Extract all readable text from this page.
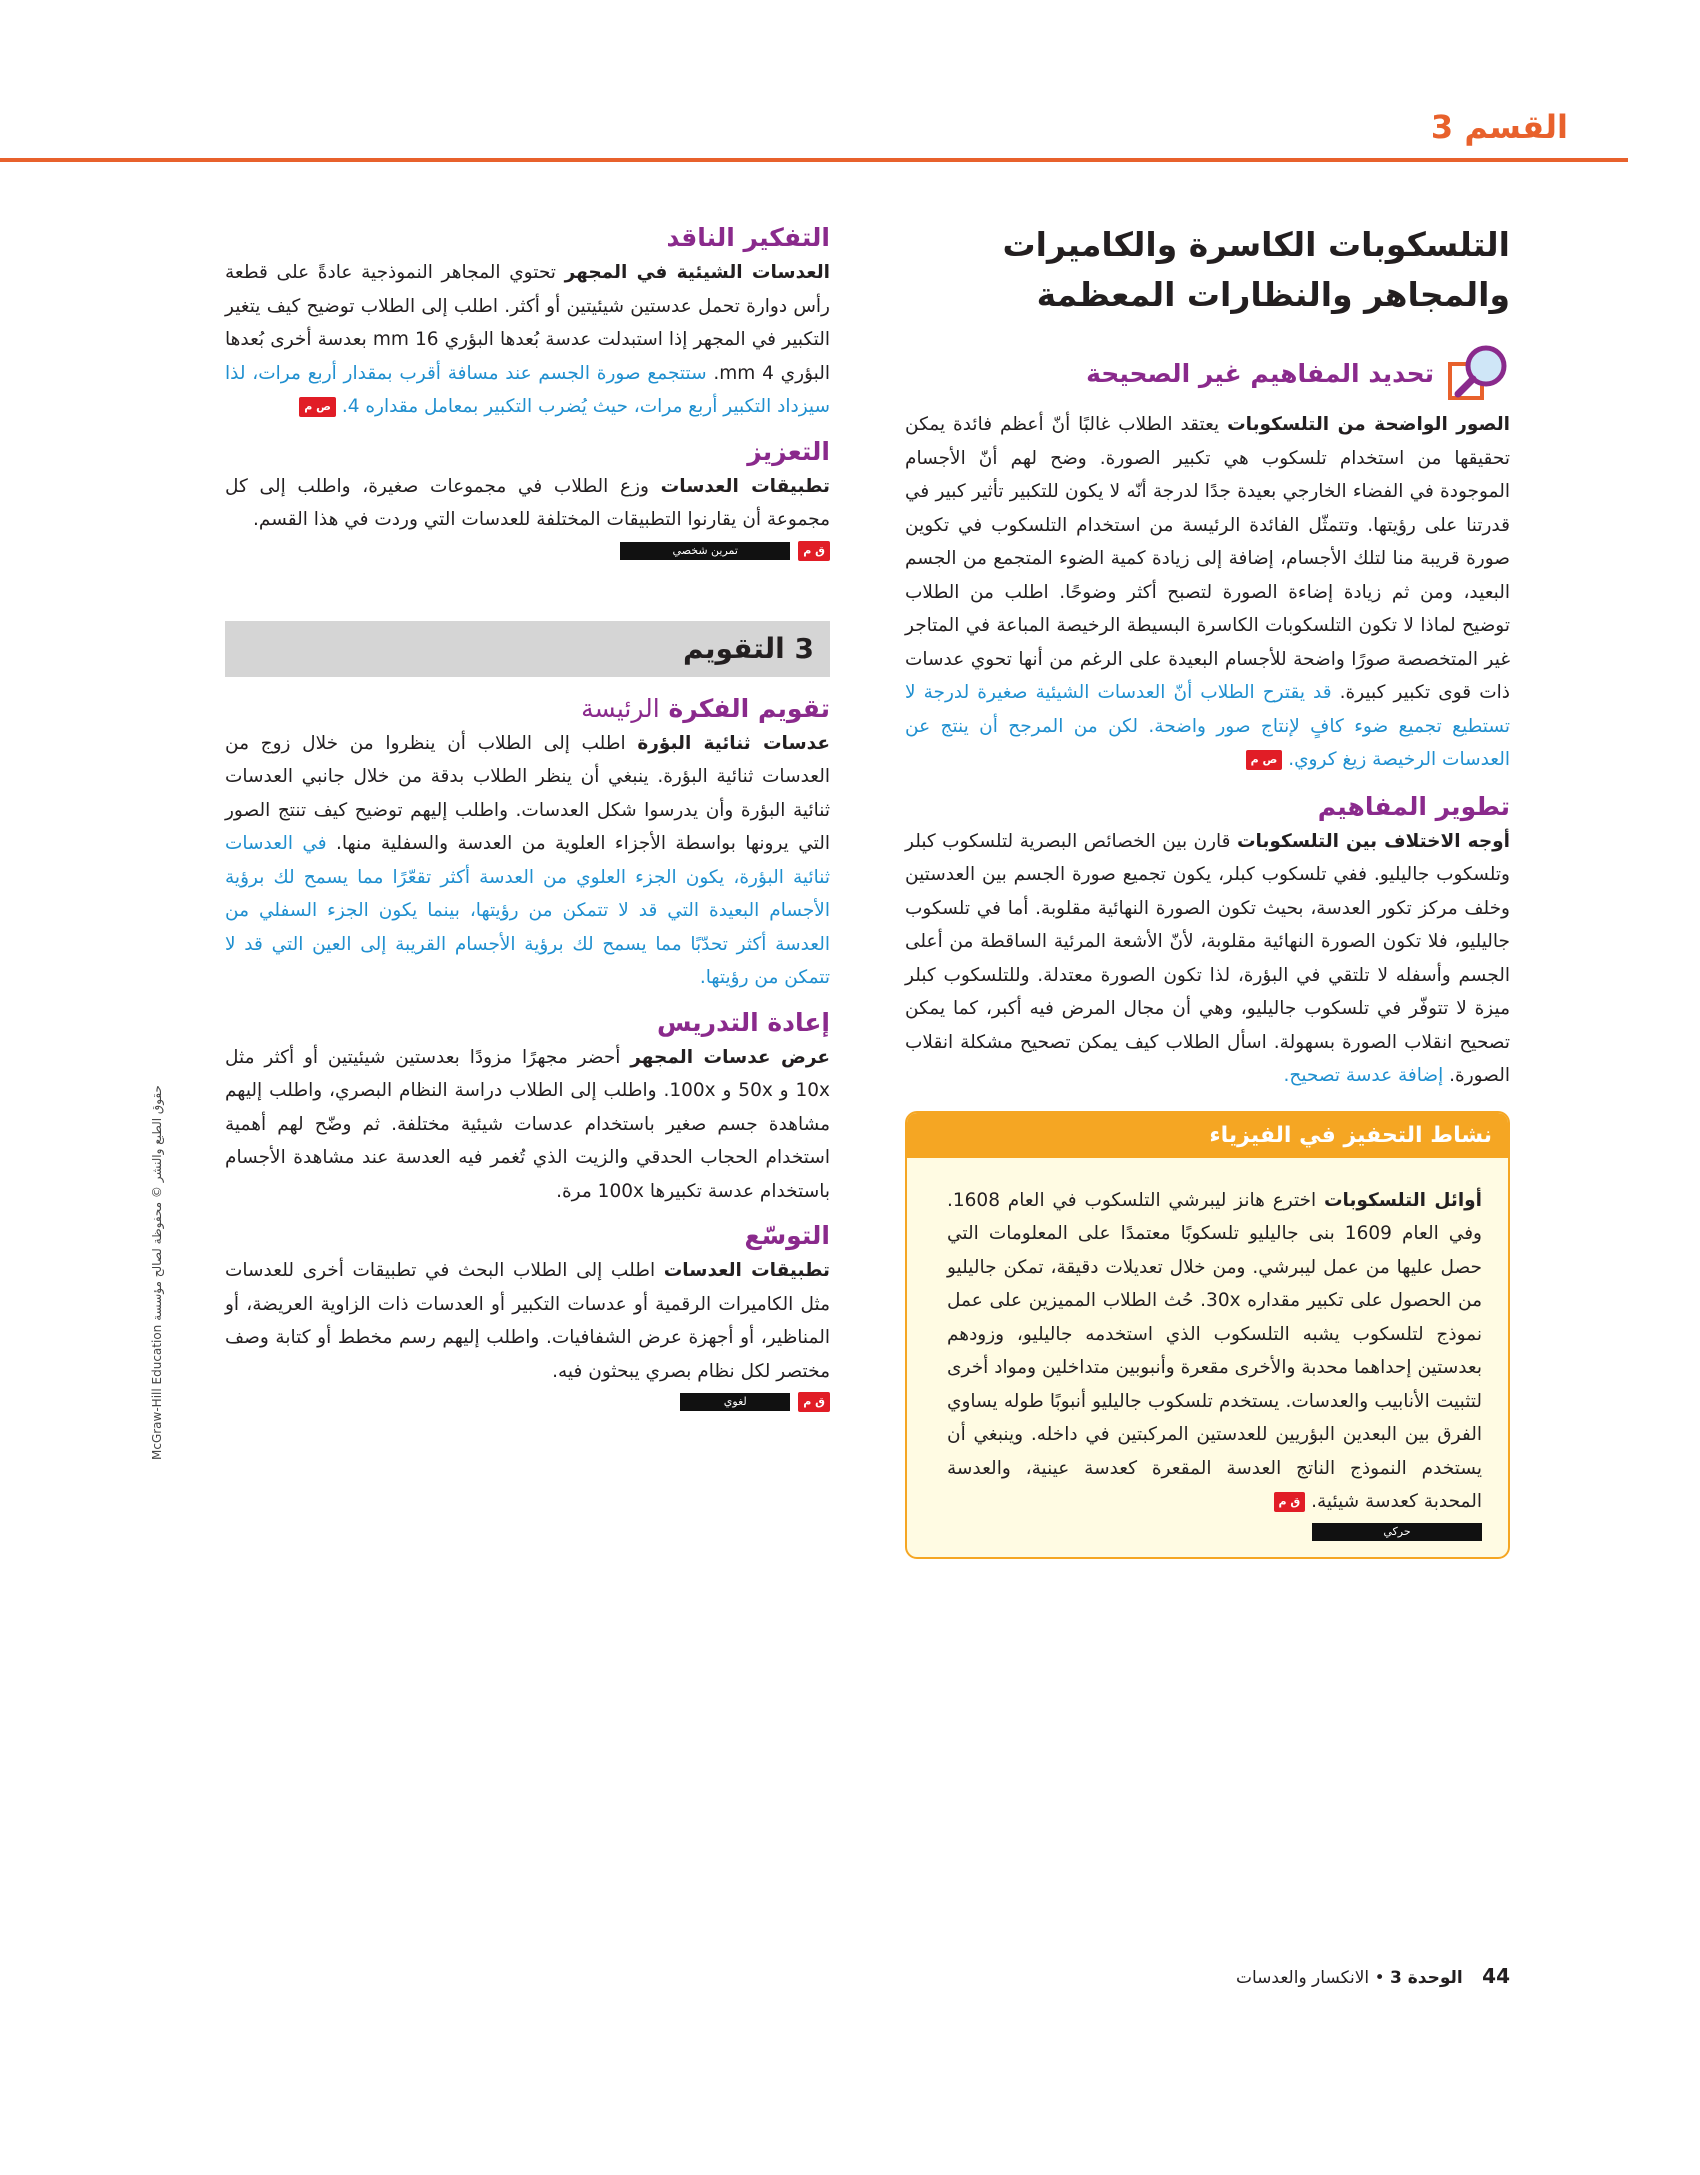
القسم 3
التلسكوبات الكاسرة والكاميرات
والمجاهر والنظارات المعظمة
تحديد المفاهيم غير الصحيحة

الصور الواضحة من التلسكوبات يعتقد الطلاب غالبًا أنّ أعظم فائدة يمكن تحقيقها من استخدام تلسكوب هي تكبير الصورة. وضح لهم أنّ الأجسام الموجودة في الفضاء الخارجي بعيدة جدًا لدرجة أنّه لا يكون للتكبير تأثير كبير في قدرتنا على رؤيتها. وتتمثّل الفائدة الرئيسة من استخدام التلسكوب في تكوين صورة قريبة منا لتلك الأجسام، إضافة إلى زيادة كمية الضوء المتجمع من الجسم البعيد، ومن ثم زيادة إضاءة الصورة لتصبح أكثر وضوحًا. اطلب من الطلاب توضيح لماذا لا تكون التلسكوبات الكاسرة البسيطة الرخيصة المباعة في المتاجر غير المتخصصة صورًا واضحة للأجسام البعيدة على الرغم من أنها تحوي عدسات ذات قوى تكبير كبيرة. قد يقترح الطلاب أنّ العدسات الشيئية صغيرة لدرجة لا تستطيع تجميع ضوء كافٍ لإنتاج صور واضحة. لكن من المرجح أن ينتج عن العدسات الرخيصة زيغ كروي. ص م

تطوير المفاهيم

أوجه الاختلاف بين التلسكوبات قارن بين الخصائص البصرية لتلسكوب كبلر وتلسكوب جاليليو. ففي تلسكوب كبلر، يكون تجميع صورة الجسم بين العدستين وخلف مركز تكور العدسة، بحيث تكون الصورة النهائية مقلوبة. أما في تلسكوب جاليليو، فلا تكون الصورة النهائية مقلوبة، لأنّ الأشعة المرئية الساقطة من أعلى الجسم وأسفله لا تلتقي في البؤرة، لذا تكون الصورة معتدلة. وللتلسكوب كبلر ميزة لا تتوفّر في تلسكوب جاليليو، وهي أن مجال المرض فيه أكبر، كما يمكن تصحيح انقلاب الصورة بسهولة. اسأل الطلاب كيف يمكن تصحيح مشكلة انقلاب الصورة. إضافة عدسة تصحيح.

نشاط التحفيز في الفيزياء

أوائل التلسكوبات اخترع هانز ليبرشي التلسكوب في العام 1608. وفي العام 1609 بنى جاليليو تلسكوبًا معتمدًا على المعلومات التي حصل عليها من عمل ليبرشي. ومن خلال تعديلات دقيقة، تمكن جاليليو من الحصول على تكبير مقداره 30x. حُث الطلاب المميزين على عمل نموذج لتلسكوب يشبه التلسكوب الذي استخدمه جاليليو، وزودهم بعدستين إحداهما محدبة والأخرى مقعرة وأنبوبين متداخلين ومواد أخرى لتثبيت الأنابيب والعدسات. يستخدم تلسكوب جاليليو أنبوبًا طوله يساوي الفرق بين البعدين البؤريين للعدستين المركبتين في داخله. وينبغي أن يستخدم النموذج الناتج العدسة المقعرة كعدسة عينية، والعدسة المحدبة كعدسة شيئية. ق م

حركي
التفكير الناقد

العدسات الشيئية في المجهر تحتوي المجاهر النموذجية عادةً على قطعة رأس دوارة تحمل عدستين شيئيتين أو أكثر. اطلب إلى الطلاب توضيح كيف يتغير التكبير في المجهر إذا استبدلت عدسة بُعدها البؤري 16 mm بعدسة أخرى بُعدها البؤري 4 mm. ستتجمع صورة الجسم عند مسافة أقرب بمقدار أربع مرات، لذا سيزداد التكبير أربع مرات، حيث يُضرب التكبير بمعامل مقداره 4. ص م

التعزيز

تطبيقات العدسات وزع الطلاب في مجموعات صغيرة، واطلب إلى كل مجموعة أن يقارنوا التطبيقات المختلفة للعدسات التي وردت في هذا القسم.

تمرين شخصي	ق م
3 التقويم
تقويم الفكرة الرئيسة

عدسات ثنائية البؤرة اطلب إلى الطلاب أن ينظروا من خلال زوج من العدسات ثنائية البؤرة. ينبغي أن ينظر الطلاب بدقة من خلال جانبي العدسات ثنائية البؤرة وأن يدرسوا شكل العدسات. واطلب إليهم توضيح كيف تنتج الصور التي يرونها بواسطة الأجزاء العلوية من العدسة والسفلية منها. في العدسات ثنائية البؤرة، يكون الجزء العلوي من العدسة أكثر تقعّرًا مما يسمح لك برؤية الأجسام البعيدة التي قد لا تتمكن من رؤيتها، بينما يكون الجزء السفلي من العدسة أكثر تحدّبًا مما يسمح لك برؤية الأجسام القريبة إلى العين التي قد لا تتمكن من رؤيتها.

إعادة التدريس

عرض عدسات المجهر أحضر مجهرًا مزودًا بعدستين شيئيتين أو أكثر مثل 10x و 50x و 100x. واطلب إلى الطلاب دراسة النظام البصري، واطلب إليهم مشاهدة جسم صغير باستخدام عدسات شيئية مختلفة. ثم وضّح لهم أهمية استخدام الحجاب الحدقي والزيت الذي تُغمر فيه العدسة عند مشاهدة الأجسام باستخدام عدسة تكبيرها 100x مرة.

التوسّع

تطبيقات العدسات اطلب إلى الطلاب البحث في تطبيقات أخرى للعدسات مثل الكاميرات الرقمية أو عدسات التكبير أو العدسات ذات الزاوية العريضة، أو المناظير، أو أجهزة عرض الشفافيات. واطلب إليهم رسم مخطط أو كتابة وصف مختصر لكل نظام بصري يبحثون فيه.

لغوي	ق م
حقوق الطبع والنشر © محفوظة لصالح مؤسسة McGraw-Hill Education
44 الوحدة 3 • الانكسار والعدسات
